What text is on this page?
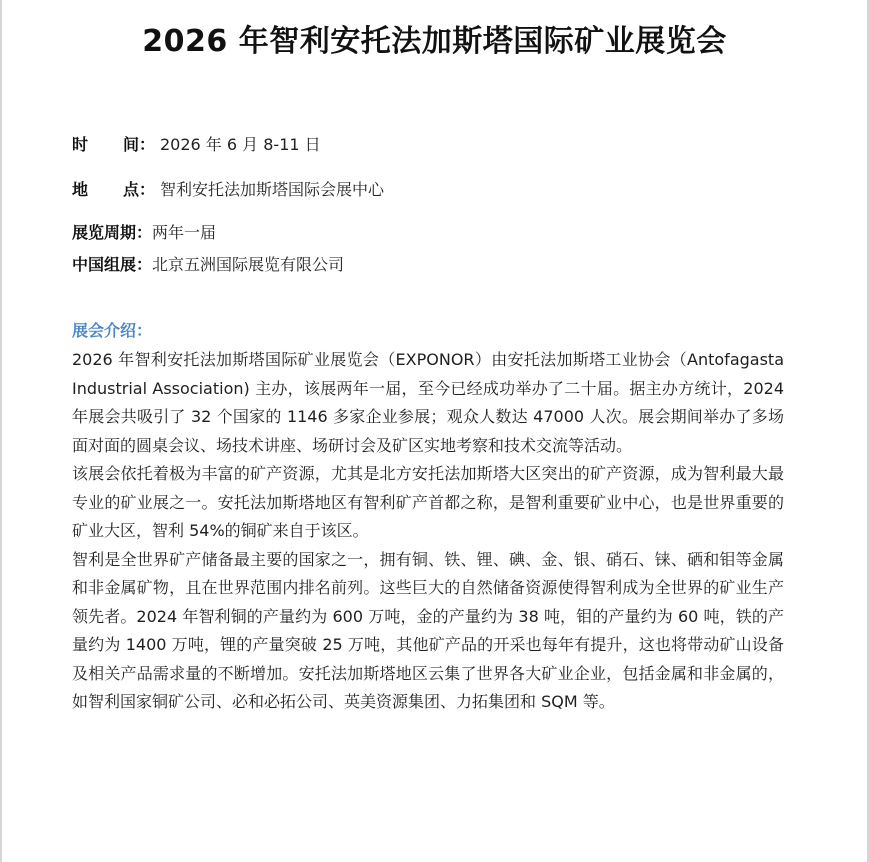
2026 年智利安托法加斯塔国际矿业展览会
时 间： 2026 年 6 月 8-11 日
地 点： 智利安托法加斯塔国际会展中心
展览周期：两年一届
中国组展：北京五洲国际展览有限公司
展会介绍：

2026 年智利安托法加斯塔国际矿业展览会（EXPONOR）由安托法加斯塔工业协会（Antofagasta Industrial Association) 主办，该展两年一届，至今已经成功举办了二十届。据主办方统计，2024 年展会共吸引了 32 个国家的 1146 多家企业参展；观众人数达 47000 人次。展会期间举办了多场面对面的圆桌会议、场技术讲座、场研讨会及矿区实地考察和技术交流等活动。

该展会依托着极为丰富的矿产资源，尤其是北方安托法加斯塔大区突出的矿产资源，成为智利最大最专业的矿业展之一。安托法加斯塔地区有智利矿产首都之称，是智利重要矿业中心，也是世界重要的矿业大区，智利 54%的铜矿来自于该区。

智利是全世界矿产储备最主要的国家之一，拥有铜、铁、锂、碘、金、银、硝石、铼、硒和钼等金属和非金属矿物，且在世界范围内排名前列。这些巨大的自然储备资源使得智利成为全世界的矿业生产领先者。2024 年智利铜的产量约为 600 万吨，金的产量约为 38 吨，钼的产量约为 60 吨，铁的产量约为 1400 万吨，锂的产量突破 25 万吨，其他矿产品的开采也每年有提升，这也将带动矿山设备及相关产品需求量的不断增加。安托法加斯塔地区云集了世界各大矿业企业，包括金属和非金属的，如智利国家铜矿公司、必和必拓公司、英美资源集团、力拓集团和 SQM 等。
